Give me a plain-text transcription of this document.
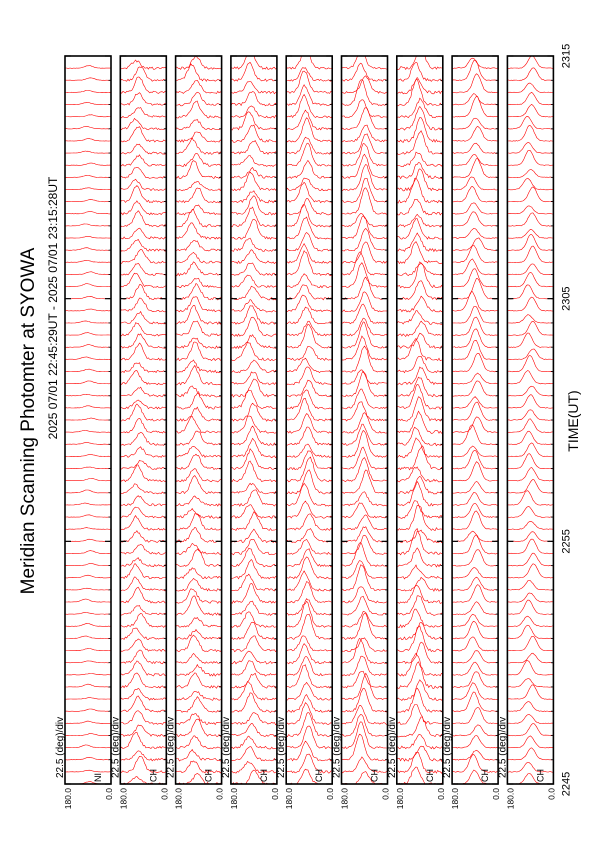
Meridian Scanning Photomter at SYOWA 2025 07/01 22:45:29UT - 2025 07/01 23:15:28UT	TIME(UT)
180.0	0.0
NI
22.5 (deg)/div
180.0	0.0
CH
22.5 (deg)/div
180.0	0.0
CH
22.5 (deg)/div
180.0	0.0
CH
22.5 (deg)/div
180.0	0.0
CH
22.5 (deg)/div
180.0	0.0
CH
22.5 (deg)/div
180.0	0.0
CH
22.5 (deg)/div
180.0	0.0
CH
22.5 (deg)/div
180.0	0.0
CH
22.5 (deg)/div
2245
2255
2305
2315
